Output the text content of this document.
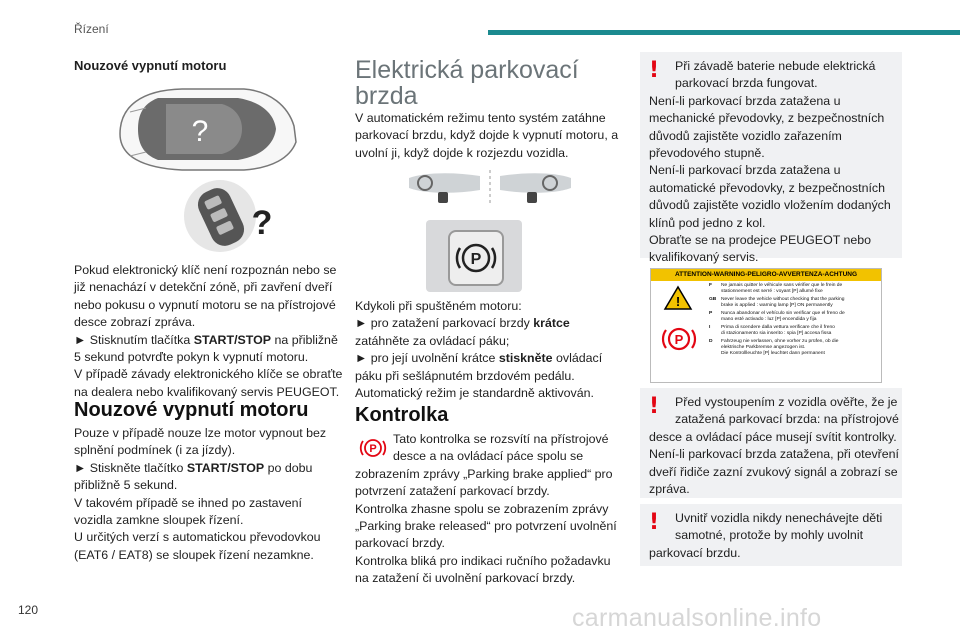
Řízení
Nouzové vypnutí motoru
?
?

Pokud elektronický klíč není rozpoznán nebo se

již nenachází v detekční zóně, při zavření dveří

nebo pokusu o vypnutí motoru se na přístrojové

desce zobrazí zpráva.

► Stisknutím tlačítka START/STOP na přibližně

5 sekund potvrďte pokyn k vypnutí motoru.

V případě závady elektronického klíče se obraťte

na dealera nebo kvalifikovaný servis PEUGEOT.

Nouzové vypnutí motoru

Pouze v případě nouze lze motor vypnout bez

splnění podmínek (i za jízdy).

► Stiskněte tlačítko START/STOP po dobu

přibližně 5 sekund.

V takovém případě se ihned po zastavení

vozidla zamkne sloupek řízení.

U určitých verzí s automatickou převodovkou

(EAT6 / EAT8) se sloupek řízení nezamkne.

Elektrická parkovací
brzda

V automatickém režimu tento systém zatáhne

parkovací brzdu, když dojde k vypnutí motoru, a

uvolní ji, když dojde k rozjezdu vozidla.

P

Kdykoli při spuštěném motoru:

► pro zatažení parkovací brzdy krátce

zatáhněte za ovládací páku;

► pro její uvolnění krátce stiskněte ovládací

páku při sešlápnutém brzdovém pedálu.

Automatický režim je standardně aktivován.

Kontrolka
P

Tato kontrolka se rozsvítí na přístrojové

desce a na ovládací páce spolu se

zobrazením zprávy „Parking brake applied“ pro

potvrzení zatažení parkovací brzdy.

Kontrolka zhasne spolu se zobrazením zprávy

„Parking brake released“ pro potvrzení uvolnění

parkovací brzdy.

Kontrolka bliká pro indikaci ručního požadavku

na zatažení či uvolnění parkovací brzdy.

!	Při závadě baterie nebude elektrická

parkovací brzda fungovat.

Není-li parkovací brzda zatažena u

mechanické převodovky, z bezpečnostních

důvodů zajistěte vozidlo zařazením

převodového stupně.

Není-li parkovací brzda zatažena u

automatické převodovky, z bezpečnostních

důvodů zajistěte vozidlo vložením dodaných

klínů pod jedno z kol.

Obraťte se na prodejce PEUGEOT nebo

kvalifikovaný servis.

ATTENTION-WARNING-PELIGRO-AVVERTENZA-ACHTUNG
!
P
F	Ne jamais quitter le véhicule sans vérifier que le frein de
stationnement est serré : voyant [P] allumé fixe
GB Never leave the vehicle without checking that the parking
brake is applied : warning lamp [P] ON permanently
P	Nunca abandonar el vehículo sin verificar que el freno de
mano esté activado : luz [P] encendida y fija
I	Prima di scendere dalla vettura verificare che il freno
di stazionamento sia inserito : spia [P] accesa fissa
D	Fahrzeug nie verlassen, ohne vorher zu prüfen, ob die
elektrische Parkbremse angezogen ist.
Die Kontrollleuchte [P] leuchtet dann permanent
!	Před vystoupením z vozidla ověřte, že je

zatažená parkovací brzda: na přístrojové

desce a ovládací páce musejí svítit kontrolky.

Není-li parkovací brzda zatažena, při otevření

dveří řidiče zazní zvukový signál a zobrazí se

zpráva.

!	Uvnitř vozidla nikdy nenechávejte děti

samotné, protože by mohly uvolnit

parkovací brzdu.

120	carmanualsonline.info
